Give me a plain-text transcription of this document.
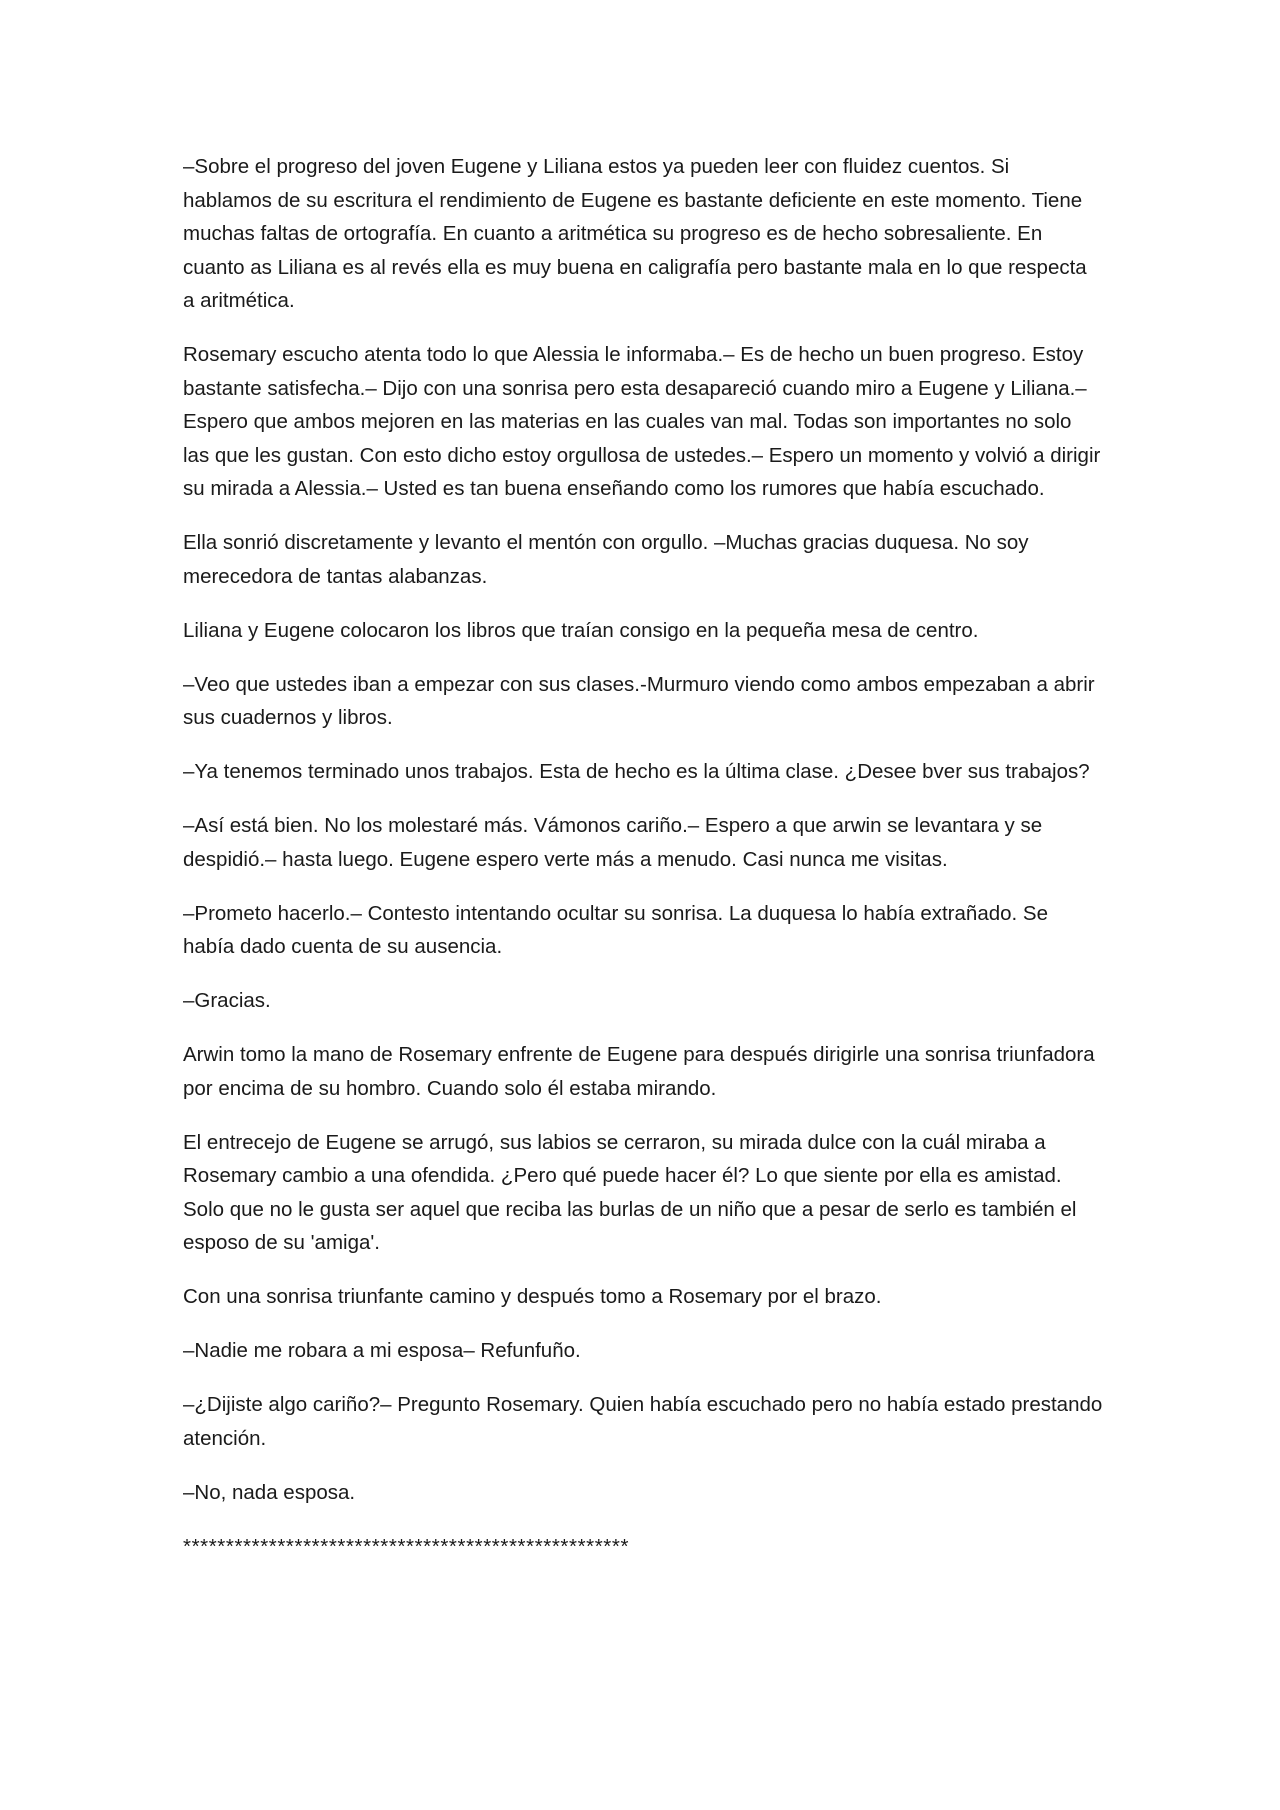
–Sobre el progreso del joven Eugene y Liliana estos ya pueden leer con fluidez cuentos. Si hablamos de su escritura el rendimiento de Eugene es bastante deficiente en este momento. Tiene muchas faltas de ortografía. En cuanto a aritmética su progreso es de hecho sobresaliente. En cuanto as Liliana es al revés ella es muy buena en caligrafía pero bastante mala en lo que respecta a aritmética.

Rosemary escucho atenta todo lo que Alessia le informaba.– Es de hecho un buen progreso. Estoy bastante satisfecha.– Dijo con una sonrisa pero esta desapareció cuando miro a Eugene y Liliana.– Espero que ambos mejoren en las materias en las cuales van mal. Todas son importantes no solo las que les gustan. Con esto dicho estoy orgullosa de ustedes.– Espero un momento y volvió a dirigir su mirada a Alessia.– Usted es tan buena enseñando como los rumores que había escuchado.

Ella sonrió discretamente y levanto el mentón con orgullo. –Muchas gracias duquesa. No soy merecedora de tantas alabanzas.

Liliana y Eugene colocaron los libros que traían consigo en la pequeña mesa de centro.

–Veo que ustedes iban a empezar con sus clases.-Murmuro viendo como ambos empezaban a abrir sus cuadernos y libros.

–Ya tenemos terminado unos trabajos. Esta de hecho es la última clase. ¿Desee bver sus trabajos?

–Así está bien. No los molestaré más. Vámonos cariño.– Espero a que arwin se levantara y se despidió.– hasta luego. Eugene espero verte más a menudo. Casi nunca me visitas.

–Prometo hacerlo.– Contesto intentando ocultar su sonrisa. La duquesa lo había extrañado. Se había dado cuenta de su ausencia.

–Gracias.

Arwin tomo la mano de Rosemary enfrente de Eugene para después dirigirle una sonrisa triunfadora por encima de su hombro. Cuando solo él estaba mirando.

El entrecejo de Eugene se arrugó, sus labios se cerraron, su mirada dulce con la cuál miraba a Rosemary cambio a una ofendida. ¿Pero qué puede hacer él? Lo que siente por ella es amistad. Solo que no le gusta ser aquel que reciba las burlas de un niño que a pesar de serlo es también el esposo de su 'amiga'.

Con una sonrisa triunfante camino y después tomo a Rosemary por el brazo.

–Nadie me robara a mi esposa– Refunfuño.

–¿Dijiste algo cariño?– Pregunto Rosemary. Quien había escuchado pero no había estado prestando atención.

–No, nada esposa.

****************************************************
